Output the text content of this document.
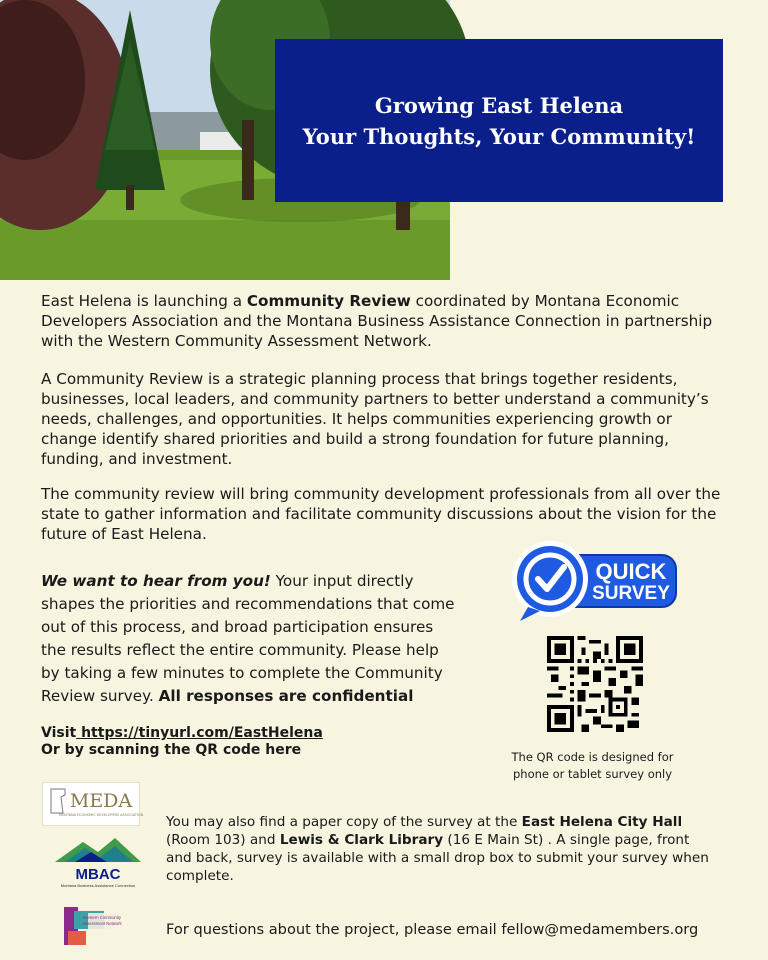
Growing East Helena
Your Thoughts, Your Community!

East Helena is launching a Community Review coordinated by Montana Economic Developers Association and the Montana Business Assistance Connection in partnership with the Western Community Assessment Network.

A Community Review is a strategic planning process that brings together residents, businesses, local leaders, and community partners to better understand a community’s needs, challenges, and opportunities. It helps communities experiencing growth or change identify shared priorities and build a strong foundation for future planning, funding, and investment.

The community review will bring community development professionals from all over the state to gather information and facilitate community discussions about the vision for the future of East Helena.

We want to hear from you! Your input directly shapes the priorities and recommendations that come out of this process, and broad participation ensures the results reflect the entire community. Please help by taking a few minutes to complete the Community Review survey. All responses are confidential

Visit https://tinyurl.com/EastHelena
Or by scanning the QR code here
QUICK
SURVEY
The QR code is designed for phone or tablet survey only
MEDA
MONTANA ECONOMIC DEVELOPERS ASSOCIATION
MBAC
Montana Business Assistance Connection
Western Community
Assessment Network

You may also find a paper copy of the survey at the East Helena City Hall (Room 103) and Lewis & Clark Library (16 E Main St) . A single page, front and back, survey is available with a small drop box to submit your survey when complete.

For questions about the project, please email fellow@medamembers.org
